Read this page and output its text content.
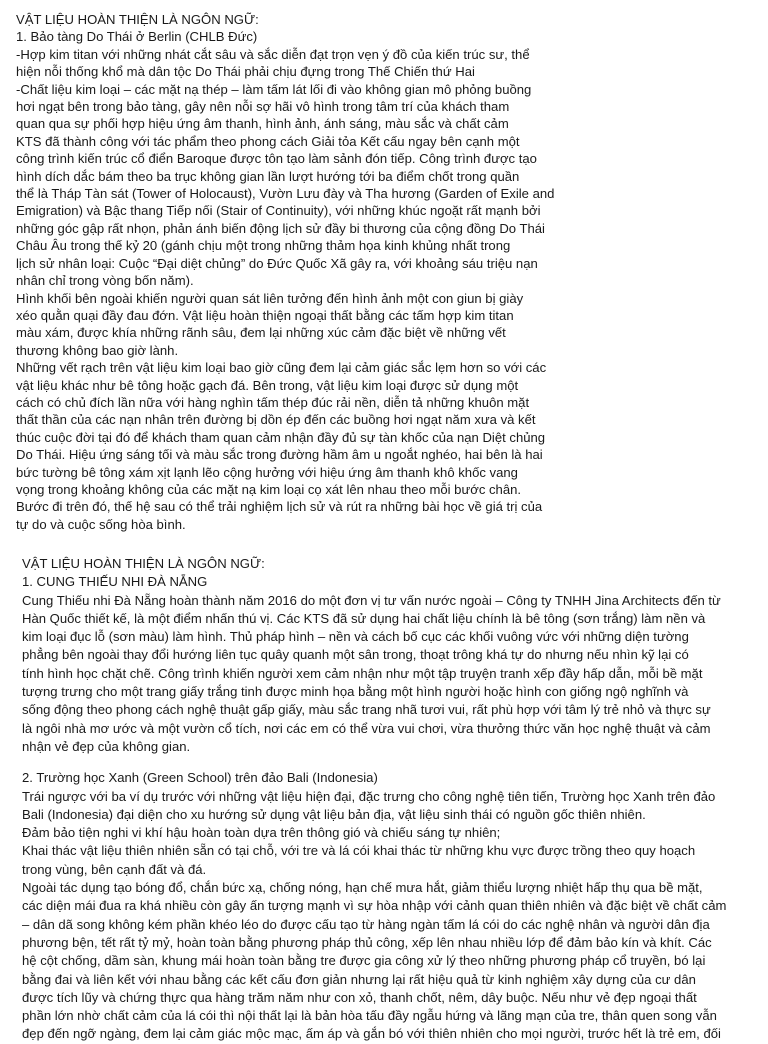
VẬT LIỆU HOÀN THIỆN LÀ NGÔN NGỮ:
1. Bảo tàng Do Thái ở Berlin (CHLB Đức)
-Hợp kim titan với những nhát cắt sâu và sắc diễn đạt trọn vẹn ý đồ của kiến trúc sư, thể
hiện nỗi thống khổ mà dân tộc Do Thái phải chịu đựng trong Thế Chiến thứ Hai
-Chất liệu kim loại – các mặt nạ thép – làm tấm lát lối đi vào không gian mô phỏng buồng
hơi ngạt bên trong bảo tàng, gây nên nỗi sợ hãi vô hình trong tâm trí của khách tham
quan qua sự phối hợp hiệu ứng âm thanh, hình ảnh, ánh sáng, màu sắc và chất cảm
KTS đã thành công với tác phẩm theo phong cách Giải tỏa Kết cấu ngay bên cạnh một
công trình kiến trúc cổ điển Baroque được tôn tạo làm sảnh đón tiếp. Công trình được tạo
hình dích dắc bám theo ba trục không gian lần lượt hướng tới ba điểm chốt trong quần
thể là Tháp Tàn sát (Tower of Holocaust), Vườn Lưu đày và Tha hương (Garden of Exile and
Emigration) và Bậc thang Tiếp nối (Stair of Continuity), với những khúc ngoặt rất mạnh bởi
những góc gập rất nhọn, phản ánh biến động lịch sử đầy bi thương của cộng đồng Do Thái
Châu Âu trong thế kỷ 20 (gánh chịu một trong những thảm họa kinh khủng nhất trong
lịch sử nhân loại: Cuộc “Đại diệt chủng” do Đức Quốc Xã gây ra, với khoảng sáu triệu nạn
nhân chỉ trong vòng bốn năm).
Hình khối bên ngoài khiến người quan sát liên tưởng đến hình ảnh một con giun bị giày
xéo quằn quại đầy đau đớn. Vật liệu hoàn thiện ngoại thất bằng các tấm hợp kim titan
màu xám, được khía những rãnh sâu, đem lại những xúc cảm đặc biệt về những vết
thương không bao giờ lành.
Những vết rạch trên vật liệu kim loại bao giờ cũng đem lại cảm giác sắc lẹm hơn so với các
vật liệu khác như bê tông hoặc gạch đá. Bên trong, vật liệu kim loại được sử dụng một
cách có chủ đích lần nữa với hàng nghìn tấm thép đúc rải nền, diễn tả những khuôn mặt
thất thần của các nạn nhân trên đường bị dồn ép đến các buồng hơi ngạt năm xưa và kết
thúc cuộc đời tại đó để khách tham quan cảm nhận đầy đủ sự tàn khốc của nạn Diệt chủng
Do Thái. Hiệu ứng sáng tối và màu sắc trong đường hầm âm u ngoắt nghéo, hai bên là hai
bức tường bê tông xám xịt lạnh lẽo cộng hưởng với hiệu ứng âm thanh khô khốc vang
vọng trong khoảng không của các mặt nạ kim loại cọ xát lên nhau theo mỗi bước chân.
Bước đi trên đó, thế hệ sau có thể trải nghiệm lịch sử và rút ra những bài học về giá trị của
tự do và cuộc sống hòa bình.
VẬT LIỆU HOÀN THIỆN LÀ NGÔN NGỮ:
1. CUNG THIẾU NHI ĐÀ NẴNG
Cung Thiếu nhi Đà Nẵng hoàn thành năm 2016 do một đơn vị tư vấn nước ngoài – Công ty TNHH Jina Architects đến từ
Hàn Quốc thiết kế, là một điểm nhấn thú vị. Các KTS đã sử dụng hai chất liệu chính là bê tông (sơn trắng) làm nền và
kim loại đục lỗ (sơn màu) làm hình. Thủ pháp hình – nền và cách bố cục các khối vuông vức với những diện tường
phẳng bên ngoài thay đổi hướng liên tục quây quanh một sân trong, thoạt trông khá tự do nhưng nếu nhìn kỹ lại có
tính hình học chặt chẽ. Công trình khiến người xem cảm nhận như một tập truyện tranh xếp đầy hấp dẫn, mỗi bề mặt
tượng trưng cho một trang giấy trắng tinh được minh họa bằng một hình người hoặc hình con giống ngộ nghĩnh và
sống động theo phong cách nghệ thuật gấp giấy, màu sắc trang nhã tươi vui, rất phù hợp với tâm lý trẻ nhỏ và thực sự
là ngôi nhà mơ ước và một vườn cổ tích, nơi các em có thể vừa vui chơi, vừa thưởng thức văn học nghệ thuật và cảm
nhận vẻ đẹp của không gian.
2. Trường học Xanh (Green School) trên đảo Bali (Indonesia)
Trái ngược với ba ví dụ trước với những vật liệu hiện đại, đặc trưng cho công nghệ tiên tiến, Trường học Xanh trên đảo
Bali (Indonesia) đại diện cho xu hướng sử dụng vật liệu bản địa, vật liệu sinh thái có nguồn gốc thiên nhiên.
Đảm bảo tiện nghi vi khí hậu hoàn toàn dựa trên thông gió và chiếu sáng tự nhiên;
Khai thác vật liệu thiên nhiên sẵn có tại chỗ, với tre và lá cói khai thác từ những khu vực được trồng theo quy hoạch
trong vùng, bên cạnh đất và đá.
Ngoài tác dụng tạo bóng đổ, chắn bức xạ, chống nóng, hạn chế mưa hắt, giảm thiểu lượng nhiệt hấp thụ qua bề mặt,
các diện mái đua ra khá nhiều còn gây ấn tượng mạnh vì sự hòa nhập với cảnh quan thiên nhiên và đặc biệt về chất cảm
– dân dã song không kém phần khéo léo do được cấu tạo từ hàng ngàn tấm lá cói do các nghệ nhân và người dân địa
phương bện, tết rất tỷ mỷ, hoàn toàn bằng phương pháp thủ công, xếp lên nhau nhiều lớp để đảm bảo kín và khít. Các
hệ cột chống, dầm sàn, khung mái hoàn toàn bằng tre được gia công xử lý theo những phương pháp cổ truyền, bó lại
bằng đai và liên kết với nhau bằng các kết cấu đơn giản nhưng lại rất hiệu quả từ kinh nghiệm xây dựng của cư dân
được tích lũy và chứng thực qua hàng trăm năm như con xỏ, thanh chốt, nêm, dây buộc. Nếu như vẻ đẹp ngoại thất
phần lớn nhờ chất cảm của lá cói thì nội thất lại là bản hòa tấu đầy ngẫu hứng và lãng mạn của tre, thân quen song vẫn
đẹp đến ngỡ ngàng, đem lại cảm giác mộc mạc, ấm áp và gắn bó với thiên nhiên cho mọi người, trước hết là trẻ em, đối
